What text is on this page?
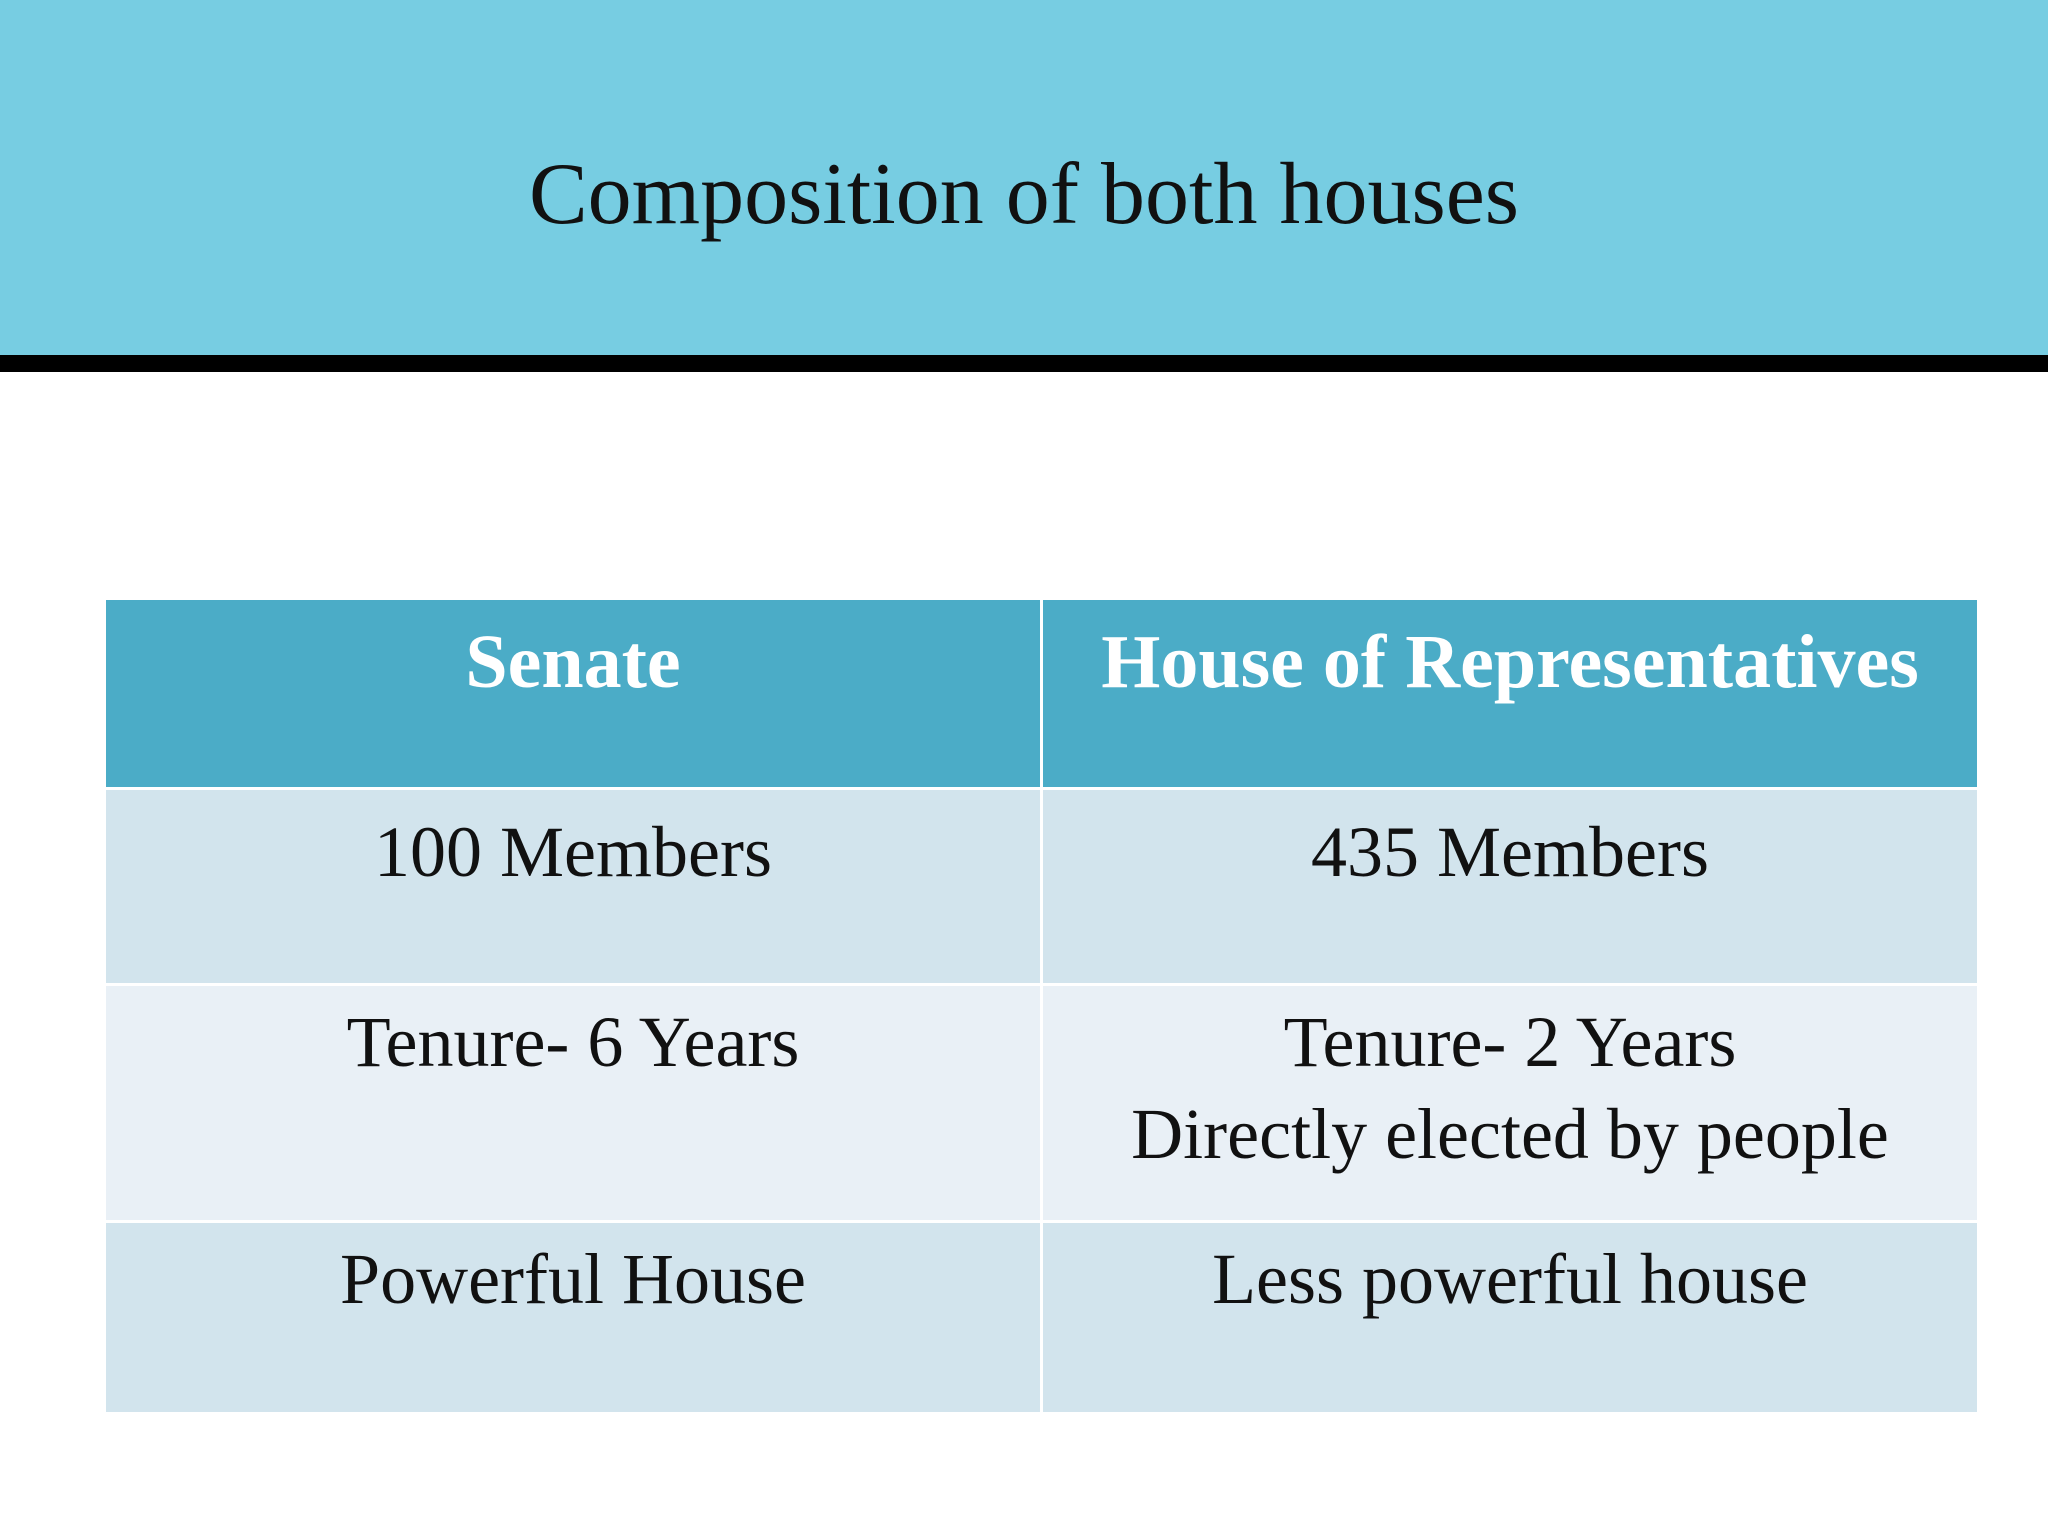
Composition of both houses
Senate	House of Representatives
100 Members	435 Members
Tenure- 6 Years	Tenure- 2 Years
Directly elected by people

Powerful House	Less powerful house
